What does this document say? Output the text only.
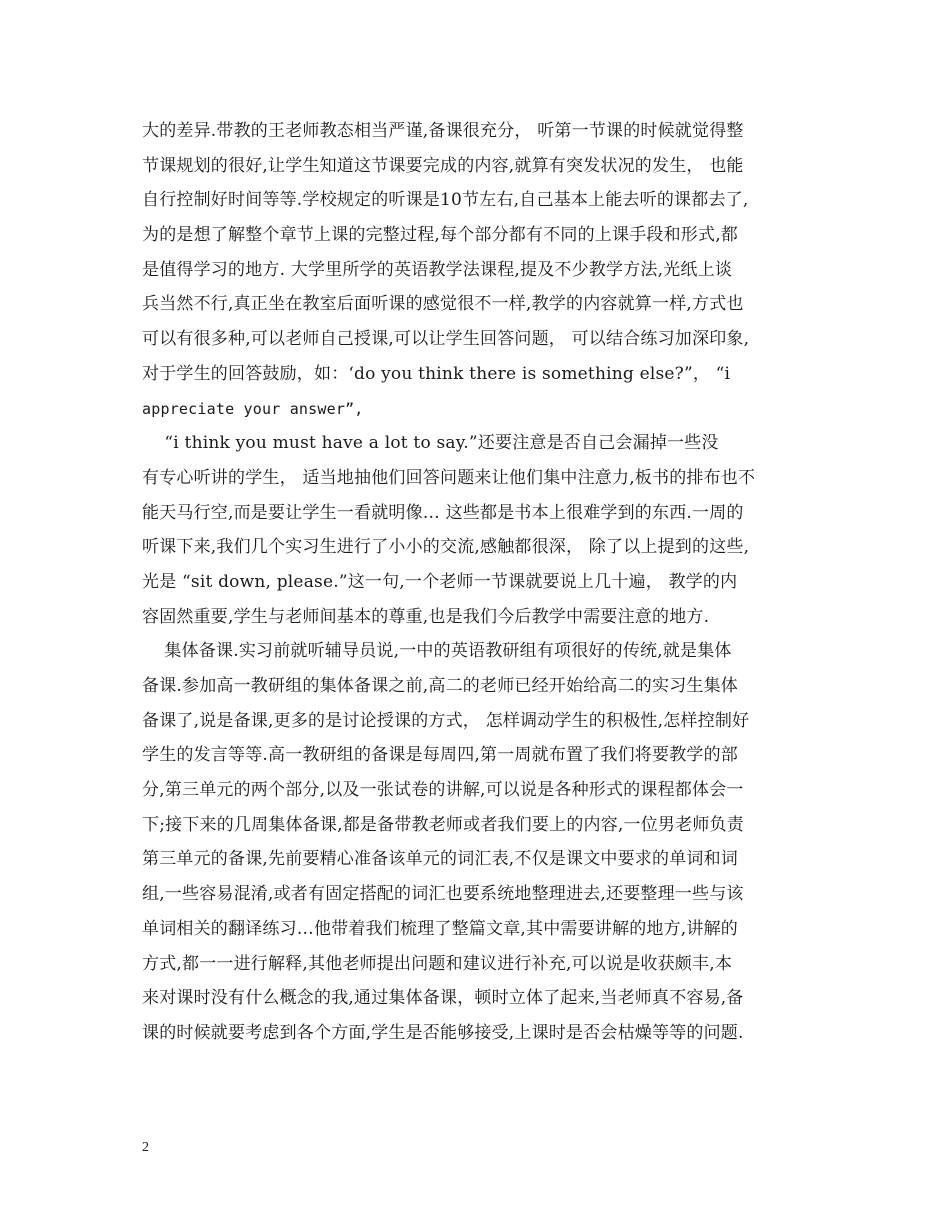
大的差异.带教的王老师教态相当严谨,备课很充分， 听第一节课的时候就觉得整
节课规划的很好,让学生知道这节课要完成的内容,就算有突发状况的发生， 也能
自行控制好时间等等.学校规定的听课是10节左右,自己基本上能去听的课都去了,
为的是想了解整个章节上课的完整过程,每个部分都有不同的上课手段和形式,都
是值得学习的地方. 大学里所学的英语教学法课程,提及不少教学方法,光纸上谈
兵当然不行,真正坐在教室后面听课的感觉很不一样,教学的内容就算一样,方式也
可以有很多种,可以老师自己授课,可以让学生回答问题， 可以结合练习加深印象,
对于学生的回答鼓励，如：‘do you think there is something else?”， “i
appreciate your answer”,
“i think you must have a lot to say.”还要注意是否自己会漏掉一些没
有专心听讲的学生， 适当地抽他们回答问题来让他们集中注意力,板书的排布也不
能天马行空,而是要让学生一看就明像… 这些都是书本上很难学到的东西.一周的
听课下来,我们几个实习生进行了小小的交流,感触都很深， 除了以上提到的这些,
光是 “sit down, please.”这一句,一个老师一节课就要说上几十遍， 教学的内
容固然重要,学生与老师间基本的尊重,也是我们今后教学中需要注意的地方.
集体备课.实习前就听辅导员说,一中的英语教研组有项很好的传统,就是集体
备课.参加高一教研组的集体备课之前,高二的老师已经开始给高二的实习生集体
备课了,说是备课,更多的是讨论授课的方式， 怎样调动学生的积极性,怎样控制好
学生的发言等等.高一教研组的备课是每周四,第一周就布置了我们将要教学的部
分,第三单元的两个部分,以及一张试卷的讲解,可以说是各种形式的课程都体会一
下;接下来的几周集体备课,都是备带教老师或者我们要上的内容,一位男老师负责
第三单元的备课,先前要精心准备该单元的词汇表,不仅是课文中要求的单词和词
组,一些容易混淆,或者有固定搭配的词汇也要系统地整理进去,还要整理一些与该
单词相关的翻译练习…他带着我们梳理了整篇文章,其中需要讲解的地方,讲解的
方式,都一一进行解释,其他老师提出问题和建议进行补充,可以说是收获颇丰,本
来对课时没有什么概念的我,通过集体备课，顿时立体了起来,当老师真不容易,备
课的时候就要考虑到各个方面,学生是否能够接受,上课时是否会枯燥等等的问题.
2
